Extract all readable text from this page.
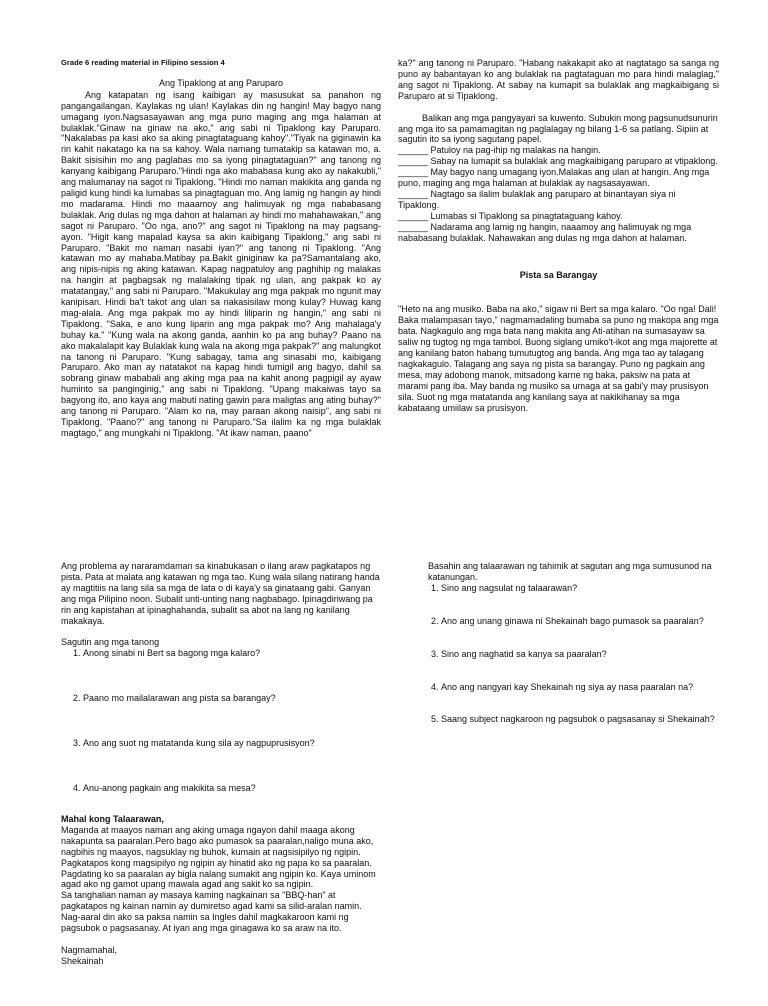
Grade 6 reading material in Filipino session 4

Ang Tipaklong at ang Paruparo

Ang katapatan ng isang kaibigan ay masusukat sa panahon ng pangangailangan. Kaylakas ng ulan! Kaylakas din ng hangin! May bagyo nang umagang iyon.Nagsasayawan ang mga puno maging ang mga halaman at bulaklak."Ginaw na ginaw na ako," ang sabi ni Tipaklong kay Paruparo. "Nakalabas pa kasi ako sa aking pinagtataguang kahoy"."Tiyak na giginawin ka rin kahit nakatago ka na sa kahoy. Wala namang tumatakip sa katawan mo, a. Bakit sisisihin mo ang paglabas mo sa iyong pinagtataguan?" ang tanong ng kanyang kaibigang Paruparo."Hindi nga ako mababasa kung ako ay nakakubli," ang malumanay na sagot ni Tipaklong. "Hindi mo naman makikita ang ganda ng paligid kung hindi ka lumabas sa pinagtaguan mo. Ang lamig ng hangin ay hindi mo madarama. Hindi mo maaamoy ang halimuyak ng mga nababasang bulaklak. Ang dulas ng mga dahon at halaman ay hindi mo mahahawakan," ang sagot ni Paruparo. "Oo nga, ano?" ang sagot ni Tipaklong na may pagsang-ayon. "Higit kang mapalad kaysa sa akin kaibigang Tipaklong," ang sabi ni Paruparo. "Bakit mo naman nasabi iyan?" ang tanong ni Tipaklong. "Ang katawan mo ay mahaba.Matibay pa.Bakit giniginaw ka pa?Samantalang ako, ang nipis-nipis ng aking katawan. Kapag nagpatuloy ang paghihip ng malakas na hangin at pagbagsak ng malalaking tipak ng ulan, ang pakpak ko ay matatangay," ang sabi ni Paruparo. "Makukulay ang mga pakpak mo ngunit may kanipisan. Hindi ba't takot ang ulan sa nakasisilaw mong kulay? Huwag kang mag-alala. Ang mga pakpak mo ay hindi liliparin ng hangin," ang sabi ni Tipaklong. "Saka, e ano kung liparin ang mga pakpak mo? Ang mahalaga'y buhay ka." "Kung wala na akong ganda, aanhin ko pa ang buhay? Paano na ako makalalapit kay Bulaklak kung wala na akong mga pakpak?" ang malungkot na tanong ni Paruparo. "Kung sabagay, tama ang sinasabi mo, kaibigang Paruparo. Ako man ay natatakot na kapag hindi tumigil ang bagyo, dahil sa sobrang ginaw mababali ang aking mga paa na kahit anong pagpigil ay ayaw huminto sa panginginig," ang sabi ni Tipaklong. "Upang makaiwas tayo sa bagyong ito, ano kaya ang mabuti nating gawin para maligtas ang ating buhay?" ang tanong ni Paruparo. "Alam ko na, may paraan akong naisip", ang sabi ni Tipaklong. "Paano?" ang tanong ni Paruparo."Sa ilalim ka ng mga bulaklak magtago," ang mungkahi ni Tipaklong. "At ikaw naman, paano"

ka?" ang tanong ni Paruparo. "Habang nakakapit ako at nagtatago sa sanga ng puno ay babantayan ko ang bulaklak na pagtataguan mo para hindi malaglag," ang sagot ni Tipaklong. At sabay na kumapit sa bulaklak ang magkaibigang si Paruparo at si Tipaklong.

Balikan ang mga pangyayari sa kuwento. Subukin mong pagsunudsunurin ang mga ito sa pamamagitan ng paglalagay ng bilang 1-6 sa patlang. Sipiin at sagutin ito sa iyong sagutang papel.

______ Patuloy na pag-ihip ng malakas na hangin.
______ Sabay na lumapit sa bulaklak ang magkaibigang paruparo at vtipaklong.
______ May bagyo nang umagang iyon.Malakas ang ulan at hangin. Ang mga puno, maging ang mga halaman at bulaklak ay nagsasayawan.
______ Nagtago sa ilalim bulaklak ang paruparo at binantayan siya ni Tipaklong.
______ Lumabas si Tipaklong sa pinagtataguang kahoy.
______ Nadarama ang lamig ng hangin, naaamoy ang halimuyak ng mga nababasang bulaklak. Nahawakan ang dulas ng mga dahon at halaman.

Pista sa Barangay

"Heto na ang musiko. Baba na ako," sigaw ni Bert sa mga kalaro. "Oo nga! Dali! Baka malampasan tayo," nagmamadaling bumaba sa puno ng makopa ang mga bata. Nagkagulo ang mga bata nang makita ang Ati-atihan na sumasayaw sa saliw ng tugtog ng mga tambol. Buong siglang umiko't-ikot ang mga majorette at ang kanilang baton habang tumutugtog ang banda. Ang mga tao ay talagang nagkakagulo. Talagang ang saya ng pista sa barangay. Puno ng pagkain ang mesa, may adobong manok, mitsadong karne ng baka, paksiw na pata at marami pang iba. May banda ng musiko sa umaga at sa gabi'y may prusisyon sila. Suot ng mga matatanda ang kanilang saya at nakikihanay sa mga kabataang umiilaw sa prusisyon.

Ang problema ay nararamdaman sa kinabukasan o ilang araw pagkatapos ng pista. Pata at malata ang katawan ng mga tao. Kung wala silang natirang handa ay magtitiis na lang sila sa mga de lata o di kaya'y sa ginataang gabi. Ganyan ang mga Pilipino noon. Subalit unti-unting nang nagbabago. Ipinagdiriwang pa rin ang kapistahan at ipinaghahanda, subalit sa abot na lang ng kanilang makakaya.

Sagutin ang mga tanong

1. Anong sinabi ni Bert sa bagong mga kalaro?
2. Paano mo mailalarawan ang pista sa barangay?
3. Ano ang suot ng matatanda kung sila ay nagpuprusisyon?
4. Anu-anong pagkain ang makikita sa mesa?

Mahal kong Talaarawan,

Maganda at maayos naman ang aking umaga ngayon dahil maaga akong nakapunta sa paaralan.Pero bago ako pumasok sa paaralan,naligo muna ako, nagbihis ng maayos, nagsuklay ng buhok, kumain at nagsisipilyo ng ngipin. Pagkatapos kong magsipilyo ng ngipin ay hinatid ako ng papa ko sa paaralan. Pagdating ko sa paaralan ay bigla nalang sumakit ang ngipin ko. Kaya uminom agad ako ng gamot upang mawala agad ang sakit ko sa ngipin.

Sa tanghalian naman ay masaya kaming nagkainan sa "BBQ-han" at pagkatapos ng kainan namin ay dumiretso agad kami sa silid-aralan namin. Nag-aaral din ako sa paksa namin sa Ingles dahil magkakaroon kami ng pagsubok o pagsasanay. At iyan ang mga ginagawa ko sa araw na ito.

Nagmamahal,

Shekainah

Basahin ang talaarawan ng tahimik at sagutan ang mga sumusunod na katanungan.

1. Sino ang nagsulat ng talaarawan?
2. Ano ang unang ginawa ni Shekainah bago pumasok sa paaralan?
3. Sino ang naghatid sa kanya sa paaralan?
4. Ano ang nangyari kay Shekainah ng siya ay nasa paaralan na?
5. Saang subject nagkaroon ng pagsubok o pagsasanay si Shekainah?
